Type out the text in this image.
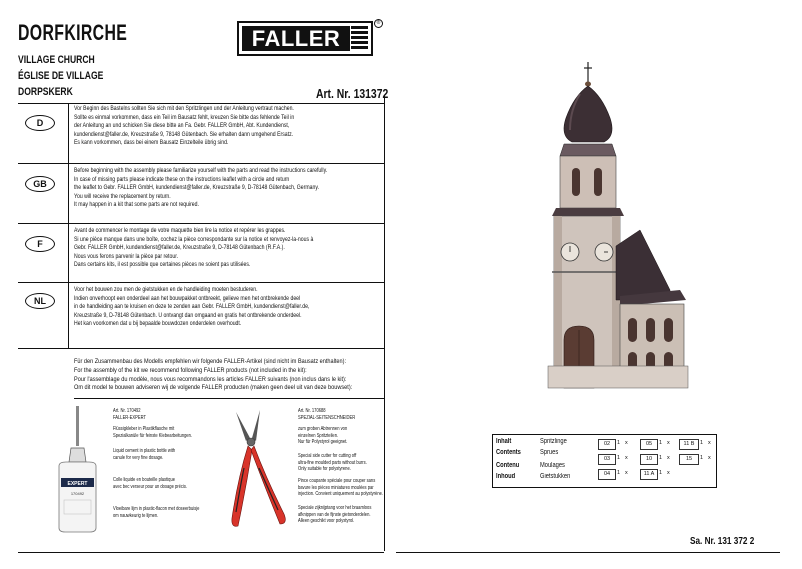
DORFKIRCHE
VILLAGE CHURCH
ÉGLISE DE VILLAGE
DORPSKERK
FALLER
®
Art. Nr. 131372
D
Vor Beginn des Bastelns sollten Sie sich mit den Spritzlingen und der Anleitung vertraut machen.
Sollte es einmal vorkommen, dass ein Teil im Bausatz fehlt, kreuzen Sie bitte das fehlende Teil in
der Anleitung an und schicken Sie diese bitte an Fa. Gebr. FALLER GmbH, Abt. Kundendienst,
kundendienst@faller.de, Kreuzstraße 9, 78148 Gütenbach. Sie erhalten dann umgehend Ersatz.
Es kann vorkommen, dass bei einem Bausatz Einzelteile übrig sind.
GB
Before beginning with the assembly please familiarize yourself with the parts and read the instructions carefully.
In case of missing parts please indicate these on the instructions leaflet with a circle and return
the leaflet to Gebr. FALLER GmbH, kundendienst@faller.de, Kreuzstraße 9, D-78148 Gütenbach, Germany.
You will receive the replacement by return.
It may happen in a kit that some parts are not required.
F
Avant de commencer le montage de votre maquette bien lire la notice et repérer les grappes.
Si une pièce manque dans une boîte, cochez la pièce correspondante sur la notice et renvoyez-la-nous à
Gebr. FALLER GmbH, kundendienst@faller.de, Kreuzstraße 9, D-78148 Gütenbach (R.F.A.).
Nous vous ferons parvenir la pièce par retour.
Dans certains kits, il est possible que certaines pièces ne soient pas utilisées.
NL
Voor het bouwen zou men de gietstukken en de handleiding moeten bestuderen.
Indien onverhoopt een onderdeel aan het bouwpakket ontbreekt, gelieve men het ontbrekende deel
in de handleiding aan te kruisen en deze te zenden aan Gebr. FALLER GmbH, kundendienst@faller.de,
Kreuzstraße 9, D-78148 Gütenbach. U ontvangt dan omgaand en gratis het ontbrekende onderdeel.
Het kan voorkomen dat u bij bepaalde bouwdozen onderdelen overhoudt.
Für den Zusammenbau des Modells empfehlen wir folgende FALLER-Artikel (sind nicht im Bausatz enthalten):
For the assembly of the kit we recommend following FALLER products (not included in the kit):
Pour l'assemblage du modèle, nous vous recommandons les articles FALLER suivants (non inclus dans le kit):
Om dit model te bouwen adviseren wij de volgende FALLER producten (maken geen deel uit van deze bouwset):
EXPERT
170492
Art. Nr. 170492
FALLER-EXPERT
Flüssigkleber in Plastikflasche mit
Spezialkanüle für feinste Klebearbeitungen.
Liquid cement in plastic bottle with
canule for very fine dosage.
Colle liquide en bouteille plastique
avec bec verseur pour un dosage précis.
Vloeibare lijm in plastic-flacon met doseerbuisje
om nauwkeurig te lijmen.
Art. Nr. 170688
SPEZIAL-SEITENSCHNEIDER
zum groben Abtrennen von
einzelnen Spritzteilen.
Nur für Polystyrol geeignet.
Special side cutter for cutting off
ultra-fine moulded parts without burrs.
Only suitable for polystyrene.
Pince coupante spéciale pour couper sans
bavure les pièces miniatures moulées par
injection. Convient uniquement au polystyrène.
Speciale zijknijptang voor het braamloos
afknippen van de fijnste gietonderdelen.
Alleen geschikt voor polystyrol.
Inhalt	Spritzlinge
Contents	Sprues
Contenu	Moulages
Inhoud	Gietstukken
02	1 x	05	1 x	11 B	1 x
03	1 x	10	1 x	15	1 x
04	1 x	11 A 1 x
Sa. Nr. 131 372 2
